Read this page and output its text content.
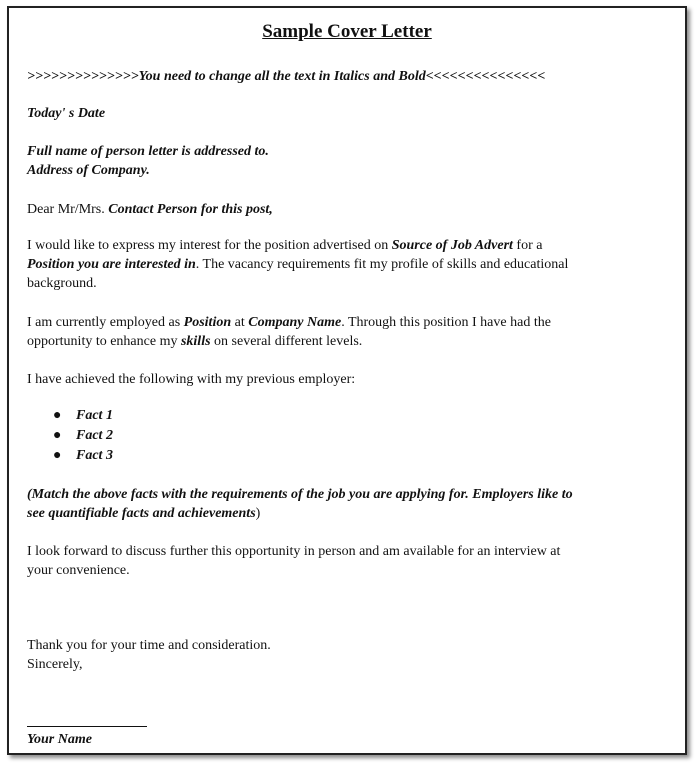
Sample Cover Letter

>>>>>>>>>>>>>>You need to change all the text in Italics and Bold<<<<<<<<<<<<<<<

Today' s Date

Full name of person letter is addressed to.

Address of Company.

Dear Mr/Mrs. Contact Person for this post,

I would like to express my interest for the position advertised on Source of Job Advert for a

Position you are interested in. The vacancy requirements fit my profile of skills and educational

background.

I am currently employed as Position at Company Name. Through this position I have had the

opportunity to enhance my skills on several different levels.

I have achieved the following with my previous employer:

● Fact 1
● Fact 2
● Fact 3

(Match the above facts with the requirements of the job you are applying for. Employers like to

see quantifiable facts and achievements)

I look forward to discuss further this opportunity in person and am available for an interview at

your convenience.

Thank you for your time and consideration.

Sincerely,

Your Name
